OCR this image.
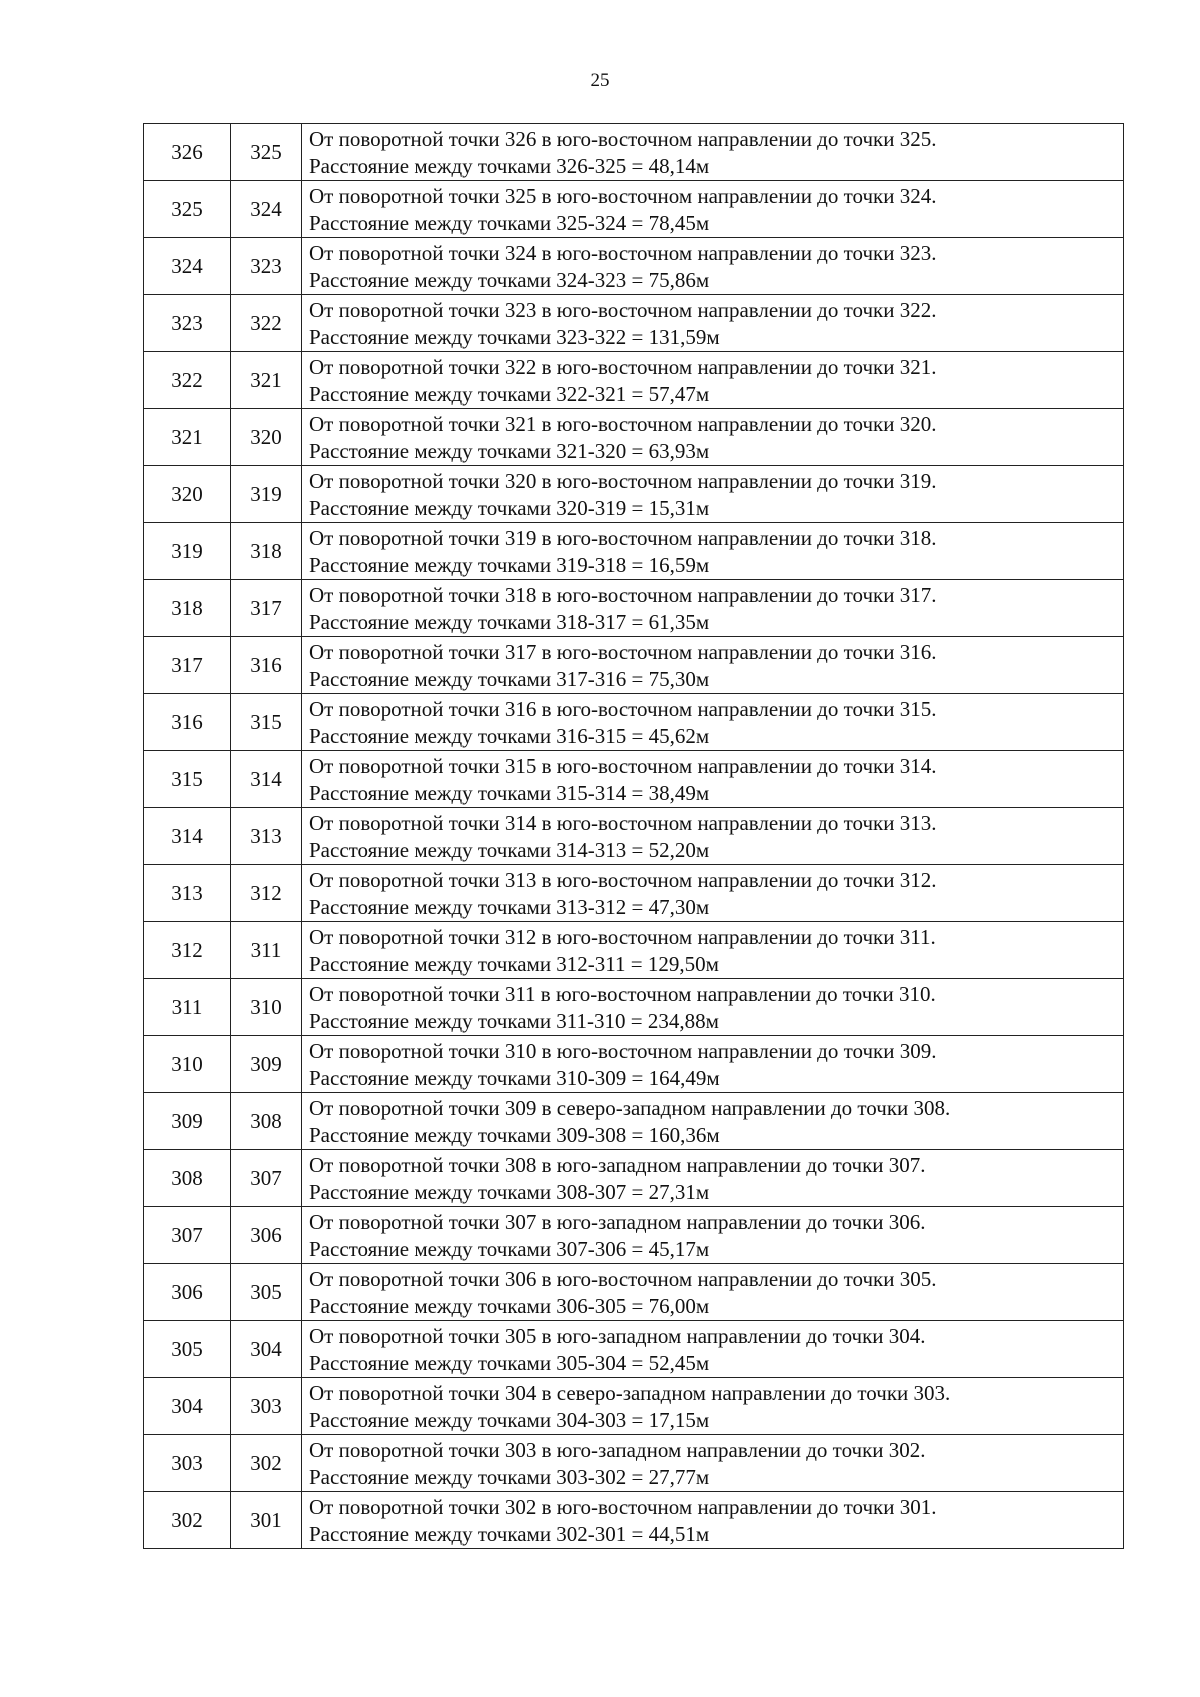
25
326	325	От поворотной точки 326 в юго-восточном направлении до точки 325.
Расстояние между точками 326-325 = 48,14м

325	324	От поворотной точки 325 в юго-восточном направлении до точки 324.
Расстояние между точками 325-324 = 78,45м

324	323	От поворотной точки 324 в юго-восточном направлении до точки 323.
Расстояние между точками 324-323 = 75,86м

323	322	От поворотной точки 323 в юго-восточном направлении до точки 322.
Расстояние между точками 323-322 = 131,59м

322	321	От поворотной точки 322 в юго-восточном направлении до точки 321.
Расстояние между точками 322-321 = 57,47м

321	320	От поворотной точки 321 в юго-восточном направлении до точки 320.
Расстояние между точками 321-320 = 63,93м

320	319	От поворотной точки 320 в юго-восточном направлении до точки 319.
Расстояние между точками 320-319 = 15,31м

319	318	От поворотной точки 319 в юго-восточном направлении до точки 318.
Расстояние между точками 319-318 = 16,59м

318	317	От поворотной точки 318 в юго-восточном направлении до точки 317.
Расстояние между точками 318-317 = 61,35м

317	316	От поворотной точки 317 в юго-восточном направлении до точки 316.
Расстояние между точками 317-316 = 75,30м

316	315	От поворотной точки 316 в юго-восточном направлении до точки 315.
Расстояние между точками 316-315 = 45,62м

315	314	От поворотной точки 315 в юго-восточном направлении до точки 314.
Расстояние между точками 315-314 = 38,49м

314	313	От поворотной точки 314 в юго-восточном направлении до точки 313.
Расстояние между точками 314-313 = 52,20м

313	312	От поворотной точки 313 в юго-восточном направлении до точки 312.
Расстояние между точками 313-312 = 47,30м

312	311	От поворотной точки 312 в юго-восточном направлении до точки 311.
Расстояние между точками 312-311 = 129,50м

311	310	От поворотной точки 311 в юго-восточном направлении до точки 310.
Расстояние между точками 311-310 = 234,88м

310	309	От поворотной точки 310 в юго-восточном направлении до точки 309.
Расстояние между точками 310-309 = 164,49м

309	308	От поворотной точки 309 в северо-западном направлении до точки 308.
Расстояние между точками 309-308 = 160,36м

308	307	От поворотной точки 308 в юго-западном направлении до точки 307.
Расстояние между точками 308-307 = 27,31м

307	306	От поворотной точки 307 в юго-западном направлении до точки 306.
Расстояние между точками 307-306 = 45,17м

306	305	От поворотной точки 306 в юго-восточном направлении до точки 305.
Расстояние между точками 306-305 = 76,00м

305	304	От поворотной точки 305 в юго-западном направлении до точки 304.
Расстояние между точками 305-304 = 52,45м

304	303	От поворотной точки 304 в северо-западном направлении до точки 303.
Расстояние между точками 304-303 = 17,15м

303	302	От поворотной точки 303 в юго-западном направлении до точки 302.
Расстояние между точками 303-302 = 27,77м

302	301	От поворотной точки 302 в юго-восточном направлении до точки 301.
Расстояние между точками 302-301 = 44,51м
